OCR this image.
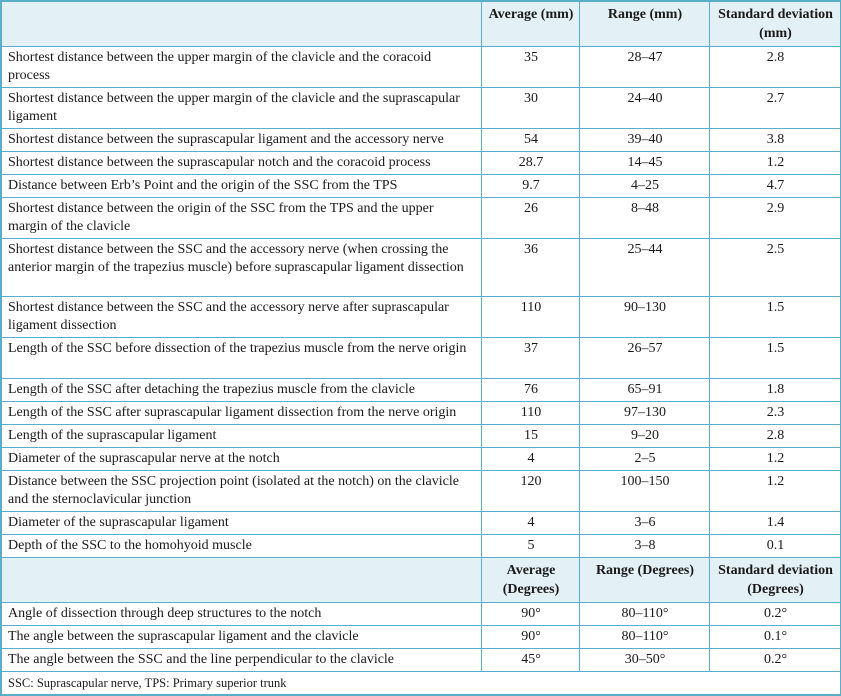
	Average (mm)	Range (mm)	Standard deviation (mm)
Shortest distance between the upper margin of the clavicle and the coracoid process	35	28–47	2.8
Shortest distance between the upper margin of the clavicle and the suprascapular ligament	30	24–40	2.7
Shortest distance between the suprascapular ligament and the accessory nerve	54	39–40	3.8
Shortest distance between the suprascapular notch and the coracoid process	28.7	14–45	1.2
Distance between Erb’s Point and the origin of the SSC from the TPS	9.7	4–25	4.7
Shortest distance between the origin of the SSC from the TPS and the upper margin of the clavicle	26	8–48	2.9
Shortest distance between the SSC and the accessory nerve (when crossing the anterior margin of the trapezius muscle) before suprascapular ligament dissection	36	25–44	2.5
Shortest distance between the SSC and the accessory nerve after suprascapular ligament dissection	110	90–130	1.5
Length of the SSC before dissection of the trapezius muscle from the nerve origin	37	26–57	1.5
Length of the SSC after detaching the trapezius muscle from the clavicle	76	65–91	1.8
Length of the SSC after suprascapular ligament dissection from the nerve origin	110	97–130	2.3
Length of the suprascapular ligament	15	9–20	2.8
Diameter of the suprascapular nerve at the notch	4	2–5	1.2
Distance between the SSC projection point (isolated at the notch) on the clavicle and the sternoclavicular junction	120	100–150	1.2
Diameter of the suprascapular ligament	4	3–6	1.4
Depth of the SSC to the homohyoid muscle	5	3–8	0.1
	Average (Degrees)	Range (Degrees)	Standard deviation (Degrees)
Angle of dissection through deep structures to the notch	90°	80–110°	0.2°
The angle between the suprascapular ligament and the clavicle	90°	80–110°	0.1°
The angle between the SSC and the line perpendicular to the clavicle	45°	30–50°	0.2°
SSC: Suprascapular nerve, TPS: Primary superior trunk			
